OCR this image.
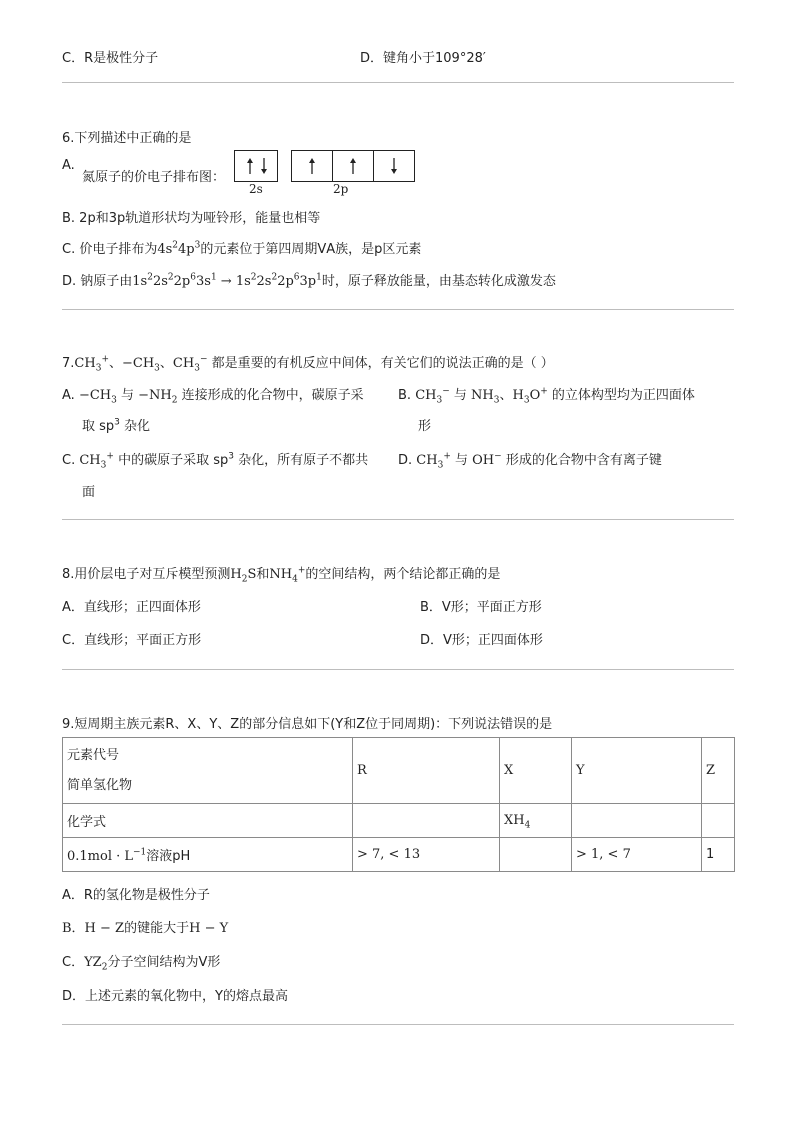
C．R是极性分子	D．键角小于109°28′
6.下列描述中正确的是
A.
氮原子的价电子排布图：
2s	2p
B. 2p和3p轨道形状均为哑铃形，能量也相等
C. 价电子排布为$4s^24p^3$的元素位于第四周期ⅤA族，是p区元素
D. 钠原子由$1s^22s^22p^63s^1 \to 1s^22s^22p^63p^1$时，原子释放能量，由基态转化成激发态
$7.CH_3^+$、$-CH_3$、$CH_3^-$ 都是重要的有机反应中间体，有关它们的说法正确的是（ ）
A. $-CH_3$ 与 $-NH_2$ 连接形成的化合物中，碳原子采
取 $sp^3$ 杂化
B. $CH_3^-$ 与 $NH_3$、$H_3O^+$ 的立体构型均为正四面体
形
C. $CH_3^+$ 中的碳原子采取 $sp^3$ 杂化，所有原子不都共
面
D. $CH_3^+$ 与 OH− 形成的化合物中含有离子键
8.用价层电子对互斥模型预测$H_2S$和$NH_4^+$的空间结构，两个结论都正确的是
A．直线形；正四面体形	B．V形；平面正方形
C．直线形；平面正方形	D．V形；正四面体形
9.短周期主族元素R、X、Y、Z的部分信息如下(Y和Z位于同周期)：下列说法错误的是
元素代号
简单氢化物	R	X	Y	Z
化学式		$XH_4$		
$0.1mol \cdot L^{-1}$溶液pH	> 7, < 13		> 1, < 7	1
A．R的氢化物是极性分子
B．H − Z的键能大于H − Y
C．$YZ_2$分子空间结构为V形
D．上述元素的氧化物中，Y的熔点最高
